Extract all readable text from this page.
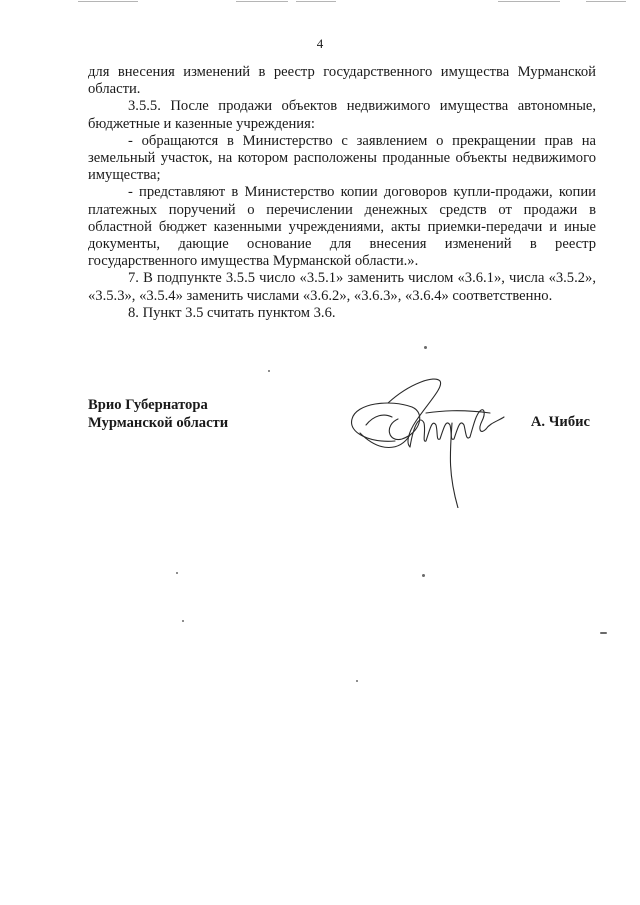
4

для внесения изменений в реестр государственного имущества Мурманской области.

3.5.5. После продажи объектов недвижимого имущества автономные, бюджетные и казенные учреждения:

- обращаются в Министерство с заявлением о прекращении прав на земельный участок, на котором расположены проданные объекты недвижимого имущества;

- представляют в Министерство копии договоров купли-продажи, копии платежных поручений о перечислении денежных средств от продажи в областной бюджет казенными учреждениями, акты приемки-передачи и иные документы, дающие основание для внесения изменений в реестр государственного имущества Мурманской области.».

7. В подпункте 3.5.5 число «3.5.1» заменить числом «3.6.1», числа «3.5.2», «3.5.3», «3.5.4» заменить числами «3.6.2», «3.6.3», «3.6.4» соответственно.

8. Пункт 3.5 считать пунктом 3.6.

Врио Губернатора
Мурманской области	А. Чибис
